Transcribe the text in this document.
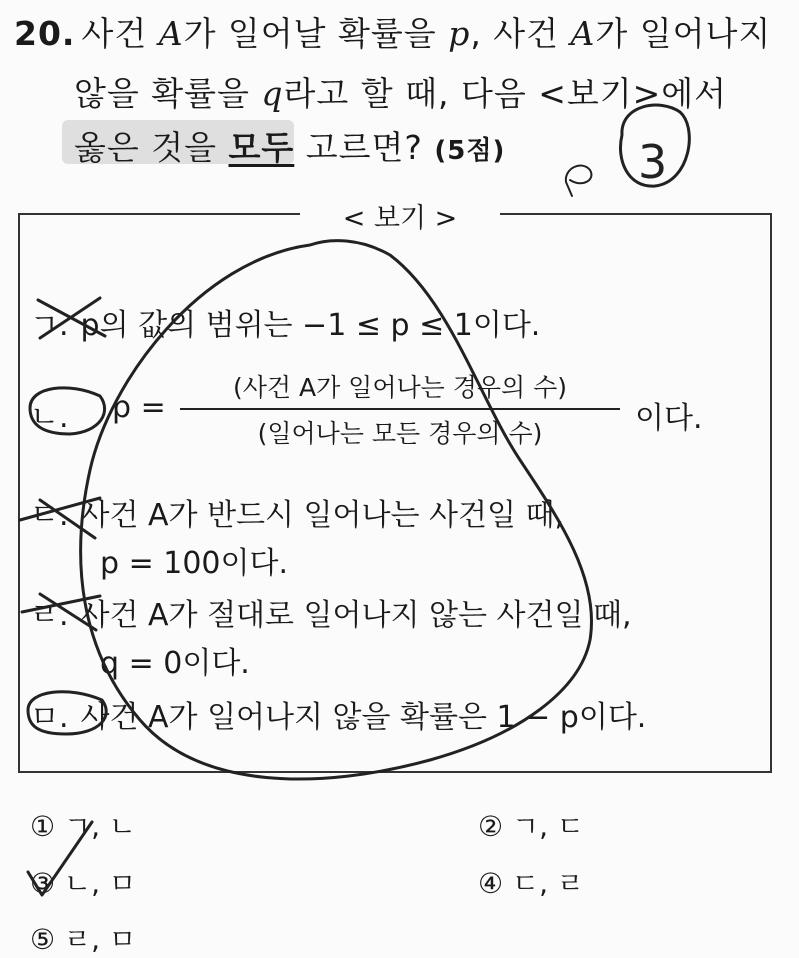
20. 사건 A가 일어날 확률을 p, 사건 A가 일어나지
않을 확률을 q라고 할 때, 다음 <보기>에서
옳은 것을 모두 고르면? (5점)
< 보기 >
ㄱ. p의 값의 범위는 −1 ≤ p ≤ 1이다.
ㄴ.	p =
(사건 A가 일어나는 경우의 수)
(일어나는 모든 경우의 수)	이다.
ㄷ. 사건 A가 반드시 일어나는 사건일 때,
p = 100이다.
ㄹ. 사건 A가 절대로 일어나지 않는 사건일 때,
q = 0이다.
ㅁ. 사건 A가 일어나지 않을 확률은 1 − p이다.
① ㄱ, ㄴ	② ㄱ, ㄷ
③ ㄴ, ㅁ	④ ㄷ, ㄹ
⑤ ㄹ, ㅁ
3
